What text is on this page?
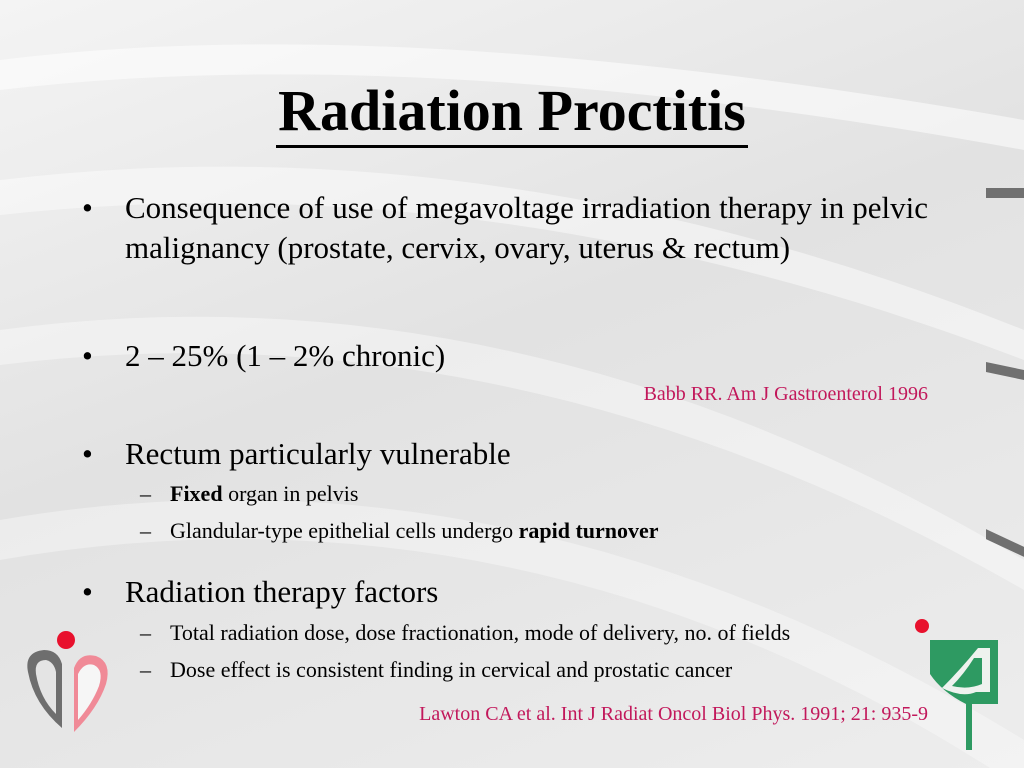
Radiation Proctitis
•	Consequence of use of megavoltage irradiation therapy in pelvic malignancy (prostate, cervix, ovary, uterus & rectum)
•	2 – 25% (1 – 2% chronic)
Babb RR. Am J Gastroenterol 1996
•	Rectum particularly vulnerable
– Fixed organ in pelvis
– Glandular-type epithelial cells undergo rapid turnover
•	Radiation therapy factors
– Total radiation dose, dose fractionation, mode of delivery, no. of fields
– Dose effect is consistent finding in cervical and prostatic cancer
Lawton CA et al. Int J Radiat Oncol Biol Phys. 1991; 21: 935-9
